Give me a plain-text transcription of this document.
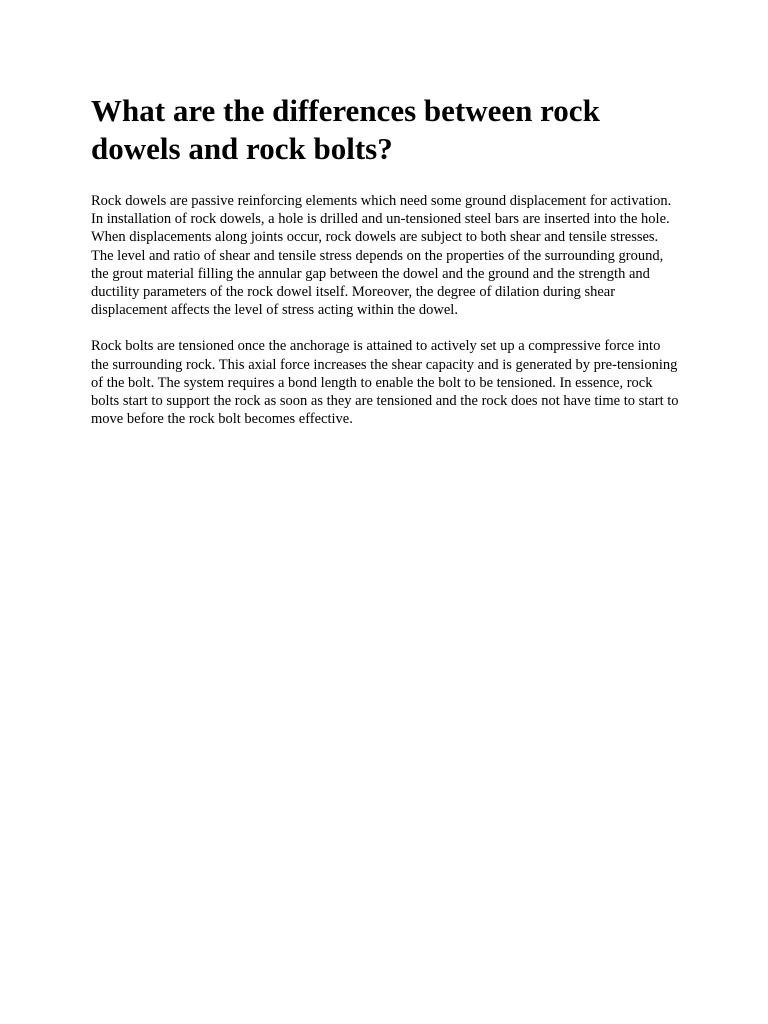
What are the differences between rock dowels and rock bolts?

Rock dowels are passive reinforcing elements which need some ground displacement for activation. In installation of rock dowels, a hole is drilled and un-tensioned steel bars are inserted into the hole. When displacements along joints occur, rock dowels are subject to both shear and tensile stresses. The level and ratio of shear and tensile stress depends on the properties of the surrounding ground, the grout material filling the annular gap between the dowel and the ground and the strength and ductility parameters of the rock dowel itself. Moreover, the degree of dilation during shear displacement affects the level of stress acting within the dowel.

Rock bolts are tensioned once the anchorage is attained to actively set up a compressive force into the surrounding rock. This axial force increases the shear capacity and is generated by pre-tensioning of the bolt. The system requires a bond length to enable the bolt to be tensioned. In essence, rock bolts start to support the rock as soon as they are tensioned and the rock does not have time to start to move before the rock bolt becomes effective.
